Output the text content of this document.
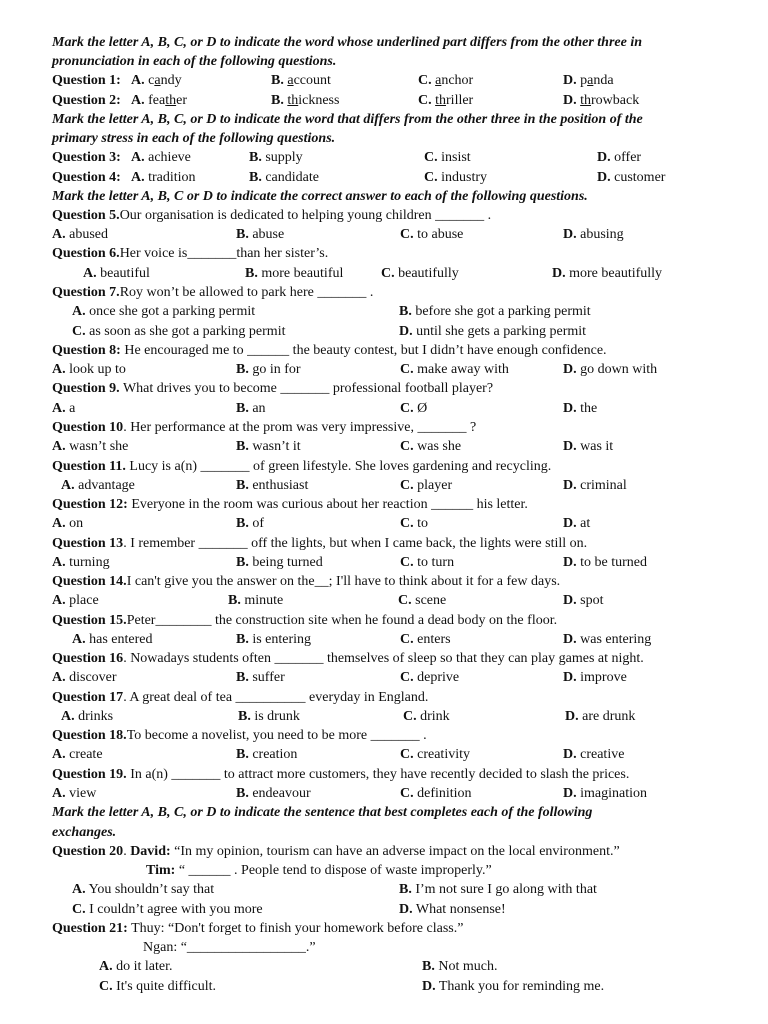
Mark the letter A, B, C, or D to indicate the word whose underlined part differs from the other three in
pronunciation in each of the following questions.
Question 1: A. candy	B. account	C. anchor	D. panda
Question 2: A. feather	B. thickness	C. thriller	D. throwback
Mark the letter A, B, C, or D to indicate the word that differs from the other three in the position of the
primary stress in each of the following questions.
Question 3: A. achieve	B. supply	C. insist	D. offer
Question 4: A. tradition	B. candidate	C. industry	D. customer
Mark the letter A, B, C or D to indicate the correct answer to each of the following questions.
Question 5.Our organisation is dedicated to helping young children _______ .
A. abused	B. abuse	C. to abuse	D. abusing
Question 6.Her voice is_______than her sister’s.
A. beautiful	B. more beautiful	C. beautifully	D. more beautifully
Question 7.Roy won’t be allowed to park here _______ .
A. once she got a parking permit	B. before she got a parking permit
C. as soon as she got a parking permit	D. until she gets a parking permit
Question 8: He encouraged me to ______ the beauty contest, but I didn’t have enough confidence.
A. look up to	B. go in for	C. make away with	D. go down with
Question 9. What drives you to become _______ professional football player?
A. a	B. an	C. Ø	D. the
Question 10. Her performance at the prom was very impressive, _______ ?
A. wasn’t she	B. wasn’t it	C. was she	D. was it
Question 11. Lucy is a(n) _______ of green lifestyle. She loves gardening and recycling.
A. advantage	B. enthusiast	C. player	D. criminal
Question 12: Everyone in the room was curious about her reaction ______ his letter.
A. on	B. of	C. to	D. at
Question 13. I remember _______ off the lights, but when I came back, the lights were still on.
A. turning	B. being turned	C. to turn	D. to be turned
Question 14.I can't give you the answer on the__; I'll have to think about it for a few days.
A. place	B. minute	C. scene	D. spot
Question 15.Peter________ the construction site when he found a dead body on the floor.
A. has entered	B. is entering	C. enters	D. was entering
Question 16. Nowadays students often _______ themselves of sleep so that they can play games at night.
A. discover	B. suffer	C. deprive	D. improve
Question 17. A great deal of tea __________ everyday in England.
A. drinks	B. is drunk	C. drink	D. are drunk
Question 18.To become a novelist, you need to be more _______ .
A. create	B. creation	C. creativity	D. creative
Question 19. In a(n) _______ to attract more customers, they have recently decided to slash the prices.
A. view	B. endeavour	C. definition	D. imagination
Mark the letter A, B, C, or D to indicate the sentence that best completes each of the following
exchanges.
Question 20. David: “In my opinion, tourism can have an adverse impact on the local environment.”
Tim: “ ______ . People tend to dispose of waste improperly.”
A. You shouldn’t say that	B. I’m not sure I go along with that
C. I couldn’t agree with you more	D. What nonsense!
Question 21: Thuy: “Don't forget to finish your homework before class.”
Ngan: “_________________.”
A. do it later.	B. Not much.
C. It's quite difficult.	D. Thank you for reminding me.
